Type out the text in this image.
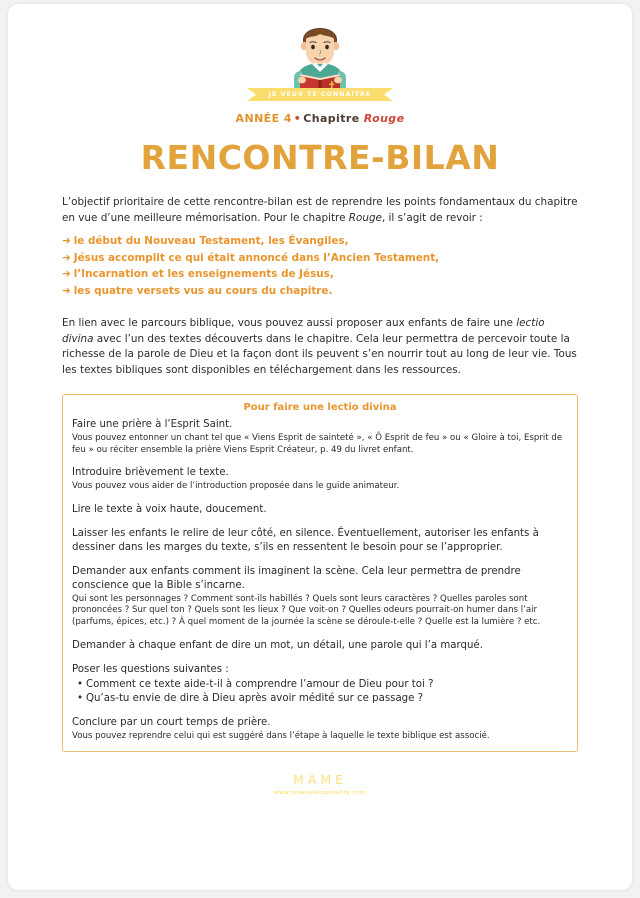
JE VEUX TE CONNAÎTRE
ANNÉE 4 • Chapitre Rouge
RENCONTRE-BILAN

L’objectif prioritaire de cette rencontre-bilan est de reprendre les points fondamentaux du chapitre en vue d’une meilleure mémorisation. Pour le chapitre Rouge, il s’agit de revoir :

➜ le début du Nouveau Testament, les Évangiles,
➜ Jésus accomplit ce qui était annoncé dans l’Ancien Testament,
➜ l’Incarnation et les enseignements de Jésus,
➜ les quatre versets vus au cours du chapitre.

En lien avec le parcours biblique, vous pouvez aussi proposer aux enfants de faire une lectio divina avec l’un des textes découverts dans le chapitre. Cela leur permettra de percevoir toute la richesse de la parole de Dieu et la façon dont ils peuvent s’en nourrir tout au long de leur vie. Tous les textes bibliques sont disponibles en téléchargement dans les ressources.

Pour faire une lectio divina
Faire une prière à l’Esprit Saint.
Vous pouvez entonner un chant tel que « Viens Esprit de sainteté », « Ô Esprit de feu » ou « Gloire à toi, Esprit de feu » ou réciter ensemble la prière Viens Esprit Créateur, p. 49 du livret enfant.
Introduire brièvement le texte.
Vous pouvez vous aider de l’introduction proposée dans le guide animateur.
Lire le texte à voix haute, doucement.
Laisser les enfants le relire de leur côté, en silence. Éventuellement, autoriser les enfants à dessiner dans les marges du texte, s’ils en ressentent le besoin pour se l’approprier.
Demander aux enfants comment ils imaginent la scène. Cela leur permettra de prendre conscience que la Bible s’incarne.
Qui sont les personnages ? Comment sont-ils habillés ? Quels sont leurs caractères ? Quelles paroles sont prononcées ? Sur quel ton ? Quels sont les lieux ? Que voit-on ? Quelles odeurs pourrait-on humer dans l’air (parfums, épices, etc.) ? À quel moment de la journée la scène se déroule-t-elle ? Quelle est la lumière ? etc.
Demander à chaque enfant de dire un mot, un détail, une parole qui l’a marqué.
Poser les questions suivantes :
• Comment ce texte aide-t-il à comprendre l’amour de Dieu pour toi ?
• Qu’as-tu envie de dire à Dieu après avoir médité sur ce passage ?
Conclure par un court temps de prière.
Vous pouvez reprendre celui qui est suggéré dans l’étape à laquelle le texte biblique est associé.
MAME
www.jeveuxteconnaitre.com
